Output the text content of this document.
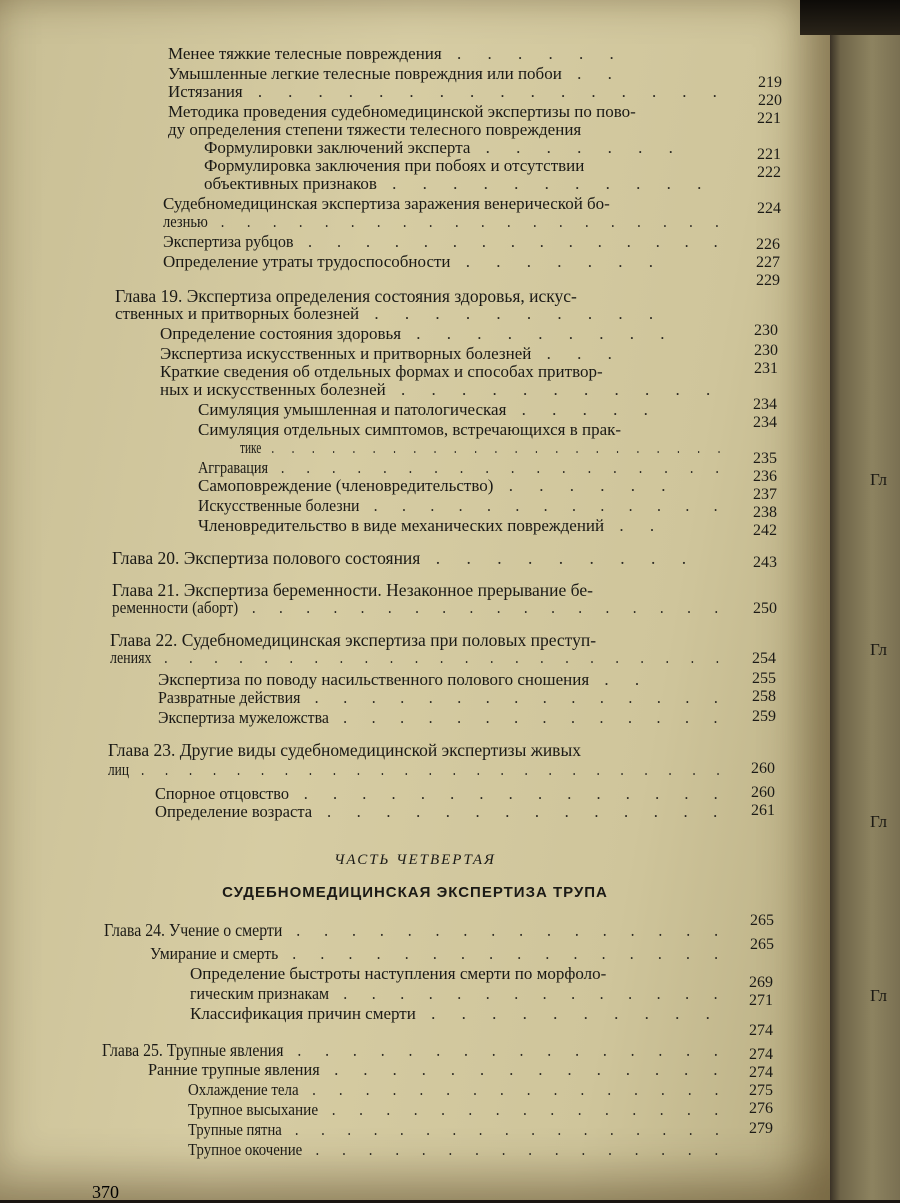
Гл
Гл
Гл
Гл
ЧАСТЬ ЧЕТВЕРТАЯ
СУДЕБНОМЕДИЦИНСКАЯ ЭКСПЕРТИЗА ТРУПА
Менее тяжкие телесные повреждения . . . . . .
Умышленные легкие телесные повреждния или побои . .
Истязания . . . . . . . . . . . . . . . .
Методика проведения судебномедицинской экспертизы по пово-
ду определения степени тяжести телесного повреждения
Формулировки заключений эксперта . . . . . . .
Формулировка заключения при побоях и отсутствии
объективных признаков . . . . . . . . . . .
Судебномедицинская экспертиза заражения венерической бо-
лезнью . . . . . . . . . . . . . . . . . . . .
Экспертиза рубцов . . . . . . . . . . . . . . .
Определение утраты трудоспособности . . . . . . .
Глава 19. Экспертиза определения состояния здоровья, искус-
ственных и притворных болезней . . . . . . . . . .
Определение состояния здоровья . . . . . . . . .
Экспертиза искусственных и притворных болезней . . .
Краткие сведения об отдельных формах и способах притвор-
ных и искусственных болезней . . . . . . . . . . .
Симуляция умышленная и патологическая . . . . .
Симуляция отдельных симптомов, встречающихся в прак-
тике . . . . . . . . . . . . . . . . . . . . . . .
Аггравация . . . . . . . . . . . . . . . . . .
Самоповреждение (членовредительство) . . . . . .
Искусственные болезни . . . . . . . . . . . . .
Членовредительство в виде механических повреждений . .
Глава 20. Экспертиза полового состояния . . . . . . . . .
Глава 21. Экспертиза беременности. Незаконное прерывание бе-
ременности (аборт) . . . . . . . . . . . . . . . . . .
Глава 22. Судебномедицинская экспертиза при половых преступ-
лениях . . . . . . . . . . . . . . . . . . . . . . .
Экспертиза по поводу насильственного полового сношения . .
Развратные действия . . . . . . . . . . . . . . .
Экспертиза мужеложства . . . . . . . . . . . . . .
Глава 23. Другие виды судебномедицинской экспертизы живых
лиц . . . . . . . . . . . . . . . . . . . . . . . . .
Спорное отцовство . . . . . . . . . . . . . . .
Определение возраста . . . . . . . . . . . . . .
Глава 24. Учение о смерти . . . . . . . . . . . . . . . .
Умирание и смерть . . . . . . . . . . . . . . . .
Определение быстроты наступления смерти по морфоло-
гическим признакам . . . . . . . . . . . . . .
Классификация причин смерти . . . . . . . . . .
Глава 25. Трупные явления . . . . . . . . . . . . . . . .
Ранние трупные явления . . . . . . . . . . . . . .
Охлаждение тела . . . . . . . . . . . . . . . .
Трупное высыхание . . . . . . . . . . . . . . .
Трупные пятна . . . . . . . . . . . . . . . . .
Трупное окочение . . . . . . . . . . . . . . . .
219
220
221
221
222
224
226
227
229
230
230
231
234
234
235
236
237
238
242
243
250
254
255
258
259
260
260
261
265
265
269
271
274
274
274
275
276
279
370
